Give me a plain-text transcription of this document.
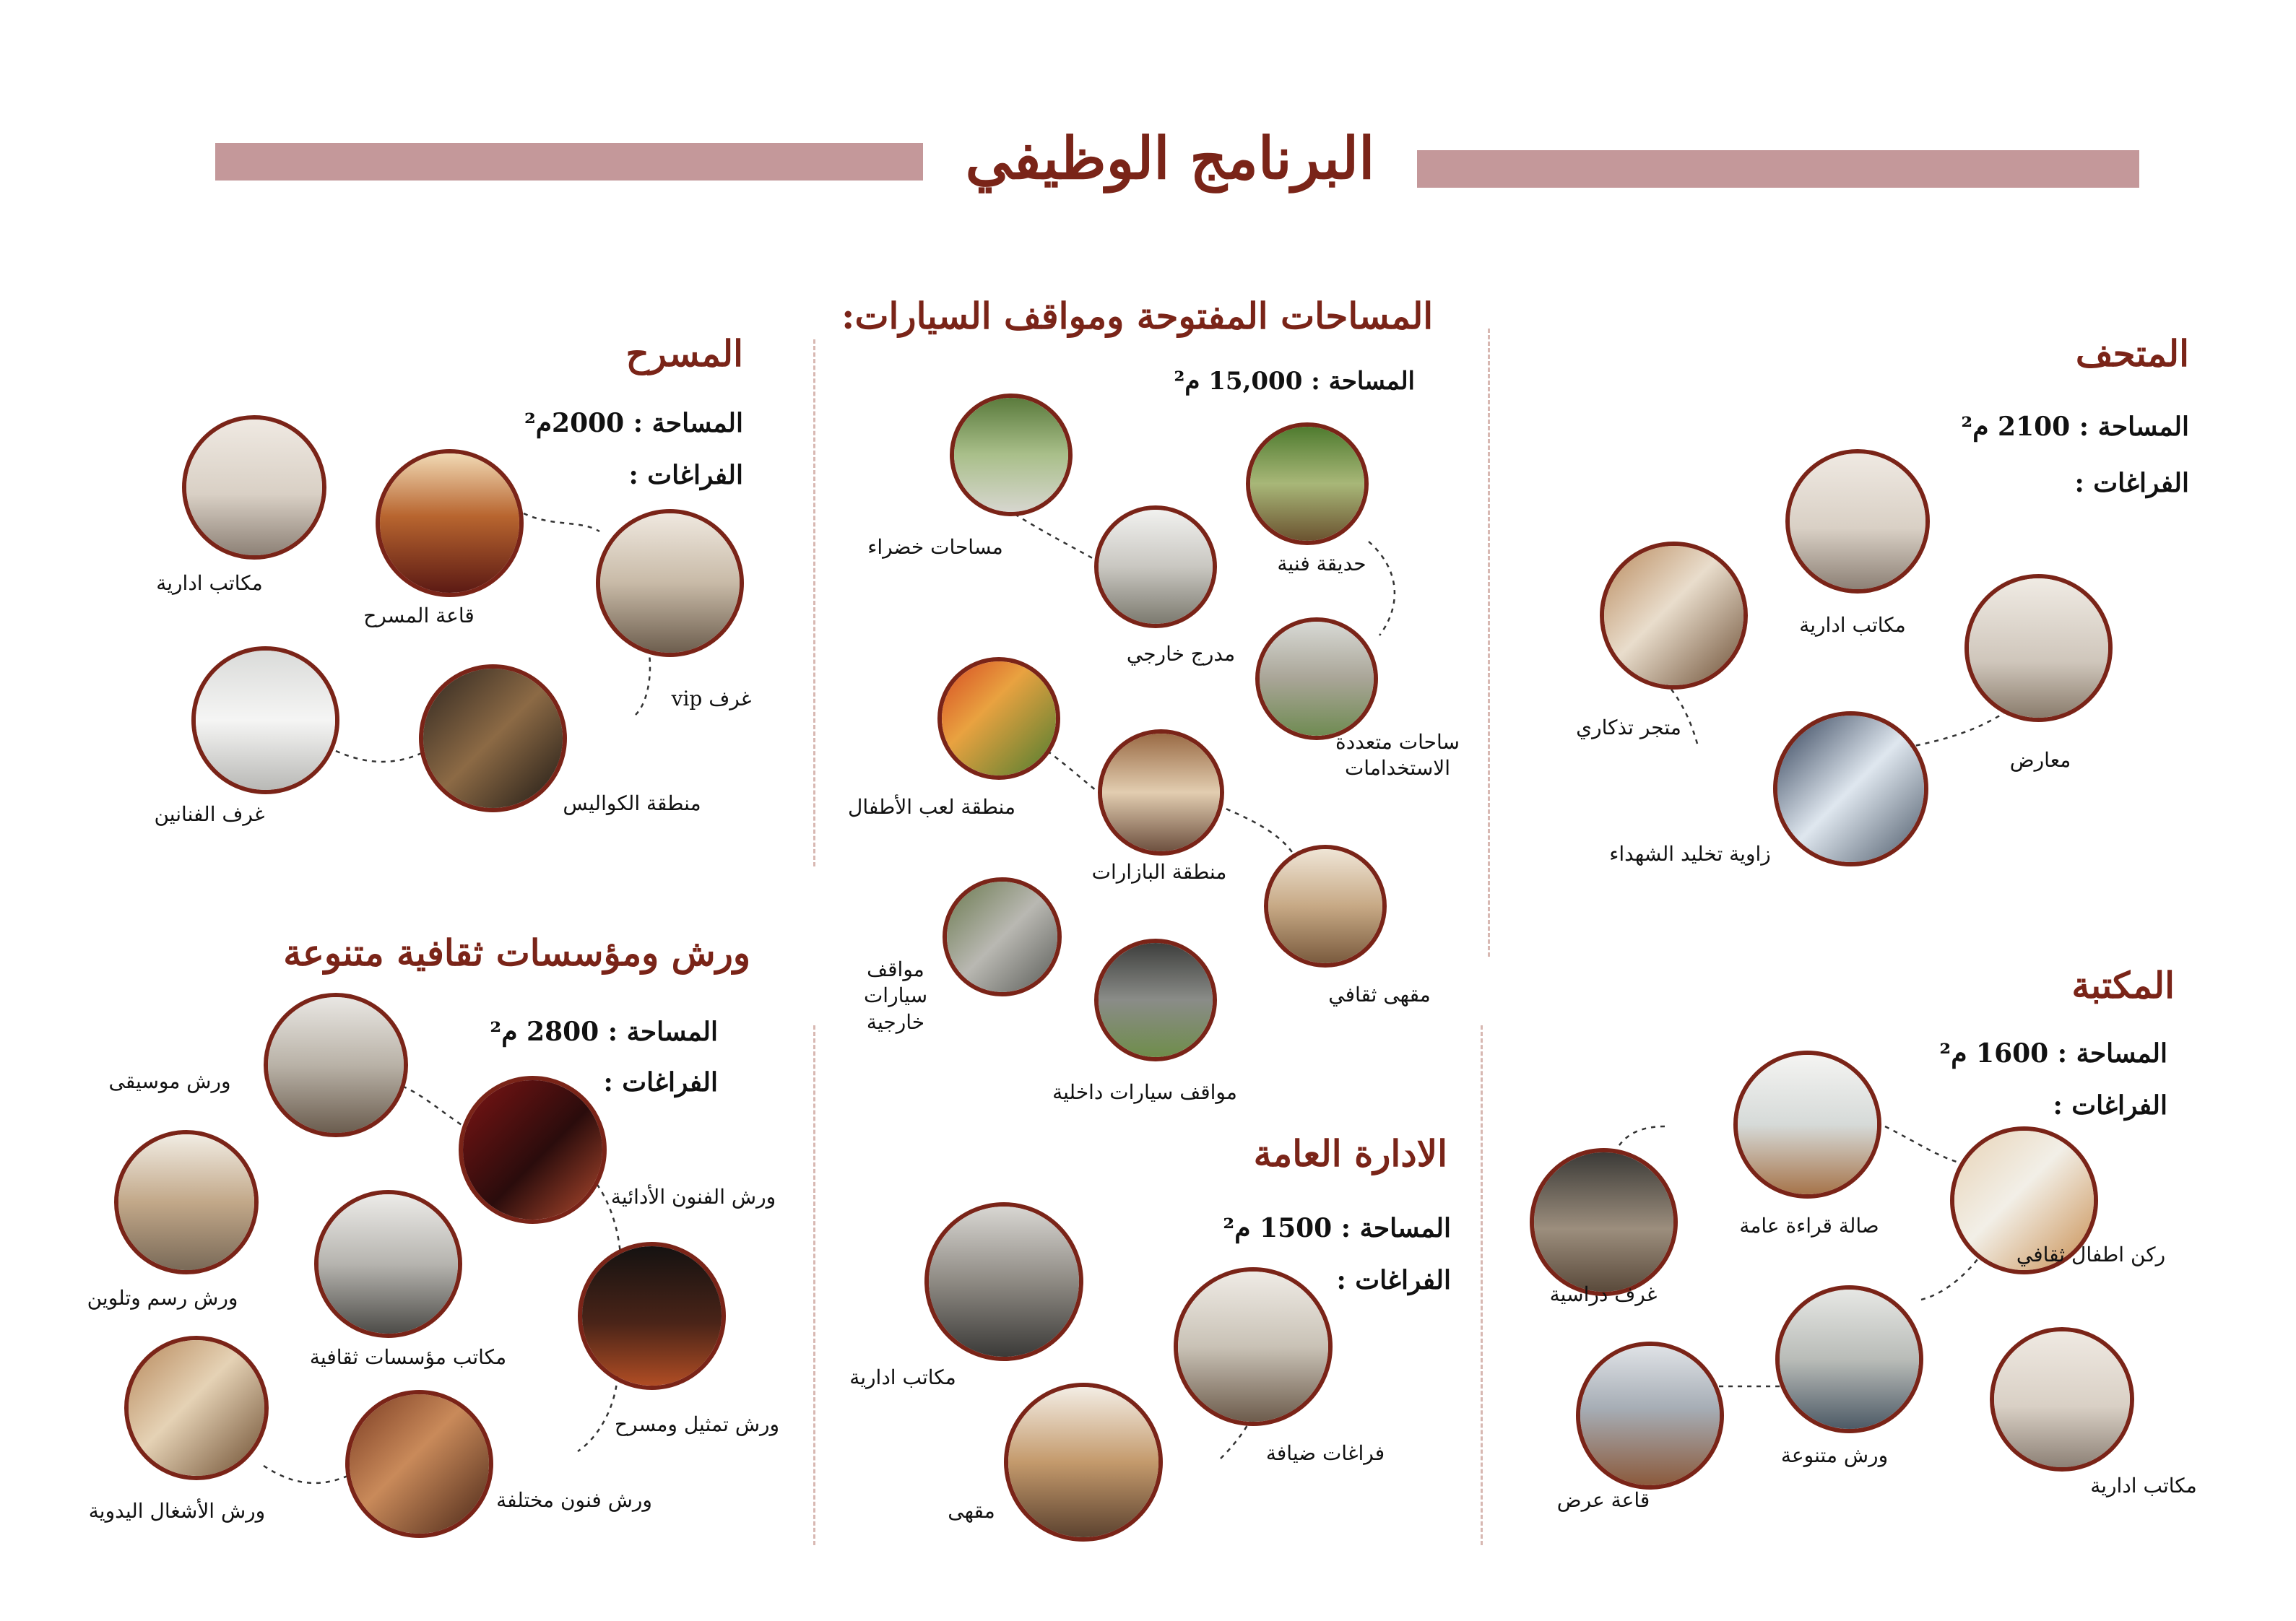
البرنامج الوظيفي
المتحف
المساحة : 2100 م²
الفراغات :
مكاتب ادارية
متجر تذكاري
معارض
زاوية تخليد الشهداء
المكتبة
المساحة : 1600 م²
الفراغات :
صالة قراءة عامة
غرف دراسية
ركن اطفال ثقافي
ورش متنوعة
قاعة عرض
مكاتب ادارية
المساحات المفتوحة ومواقف السيارات:
المساحة : 15,000 م²
مساحات خضراء
مدرج خارجي
حديقة فنية
ساحات متعددة
الاستخدامات
منطقة لعب الأطفال
منطقة البازارات
مقهى ثقافي
مواقف
سيارات
خارجية
مواقف سيارات داخلية
الادارة العامة
المساحة : 1500 م²
الفراغات :
مكاتب ادارية
فراغات ضيافة
مقهى
المسرح
المساحة : 2000م²
الفراغات :
مكاتب ادارية
قاعة المسرح
غرف vip
غرف الفنانين	منطقة الكواليس
ورش ومؤسسات ثقافية متنوعة
المساحة : 2800 م²
الفراغات :
ورش موسيقى
ورش الفنون الأدائية
ورش رسم وتلوين
مكاتب مؤسسات ثقافية
ورش تمثيل ومسرح
ورش الأشغال اليدوية	ورش فنون مختلفة
